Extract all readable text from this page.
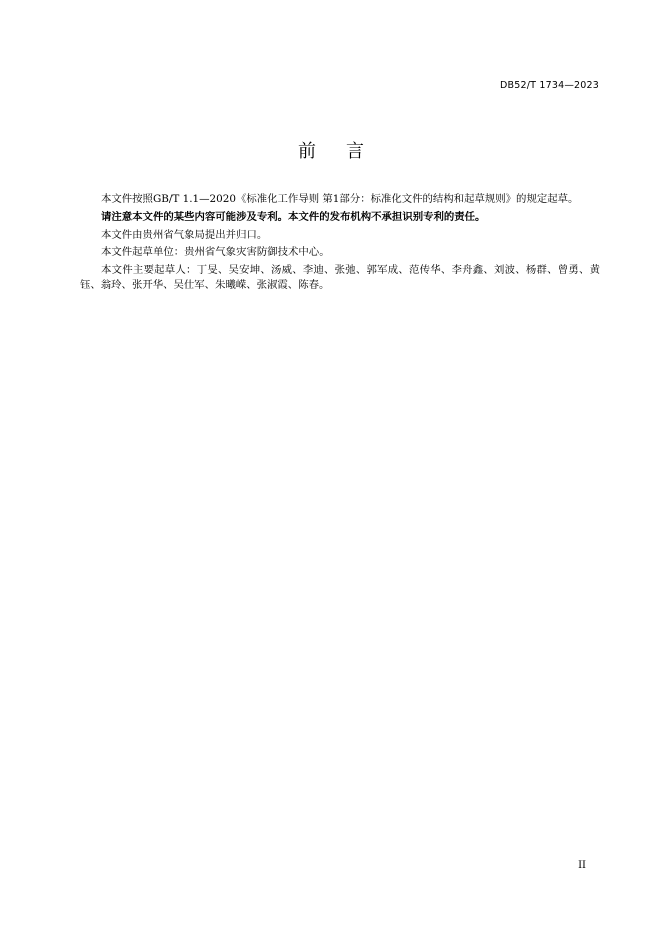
DB52/T 1734—2023
前言

本文件按照GB/T 1.1—2020《标准化工作导则 第1部分：标准化文件的结构和起草规则》的规定起草。

请注意本文件的某些内容可能涉及专利。本文件的发布机构不承担识别专利的责任。

本文件由贵州省气象局提出并归口。

本文件起草单位：贵州省气象灾害防御技术中心。

本文件主要起草人：丁旻、吴安坤、汤威、李迪、张弛、郭军成、范传华、李舟鑫、刘波、杨群、曾勇、黄钰、翁玲、张开华、吴仕军、朱曦嵘、张淑霞、陈春。

II
